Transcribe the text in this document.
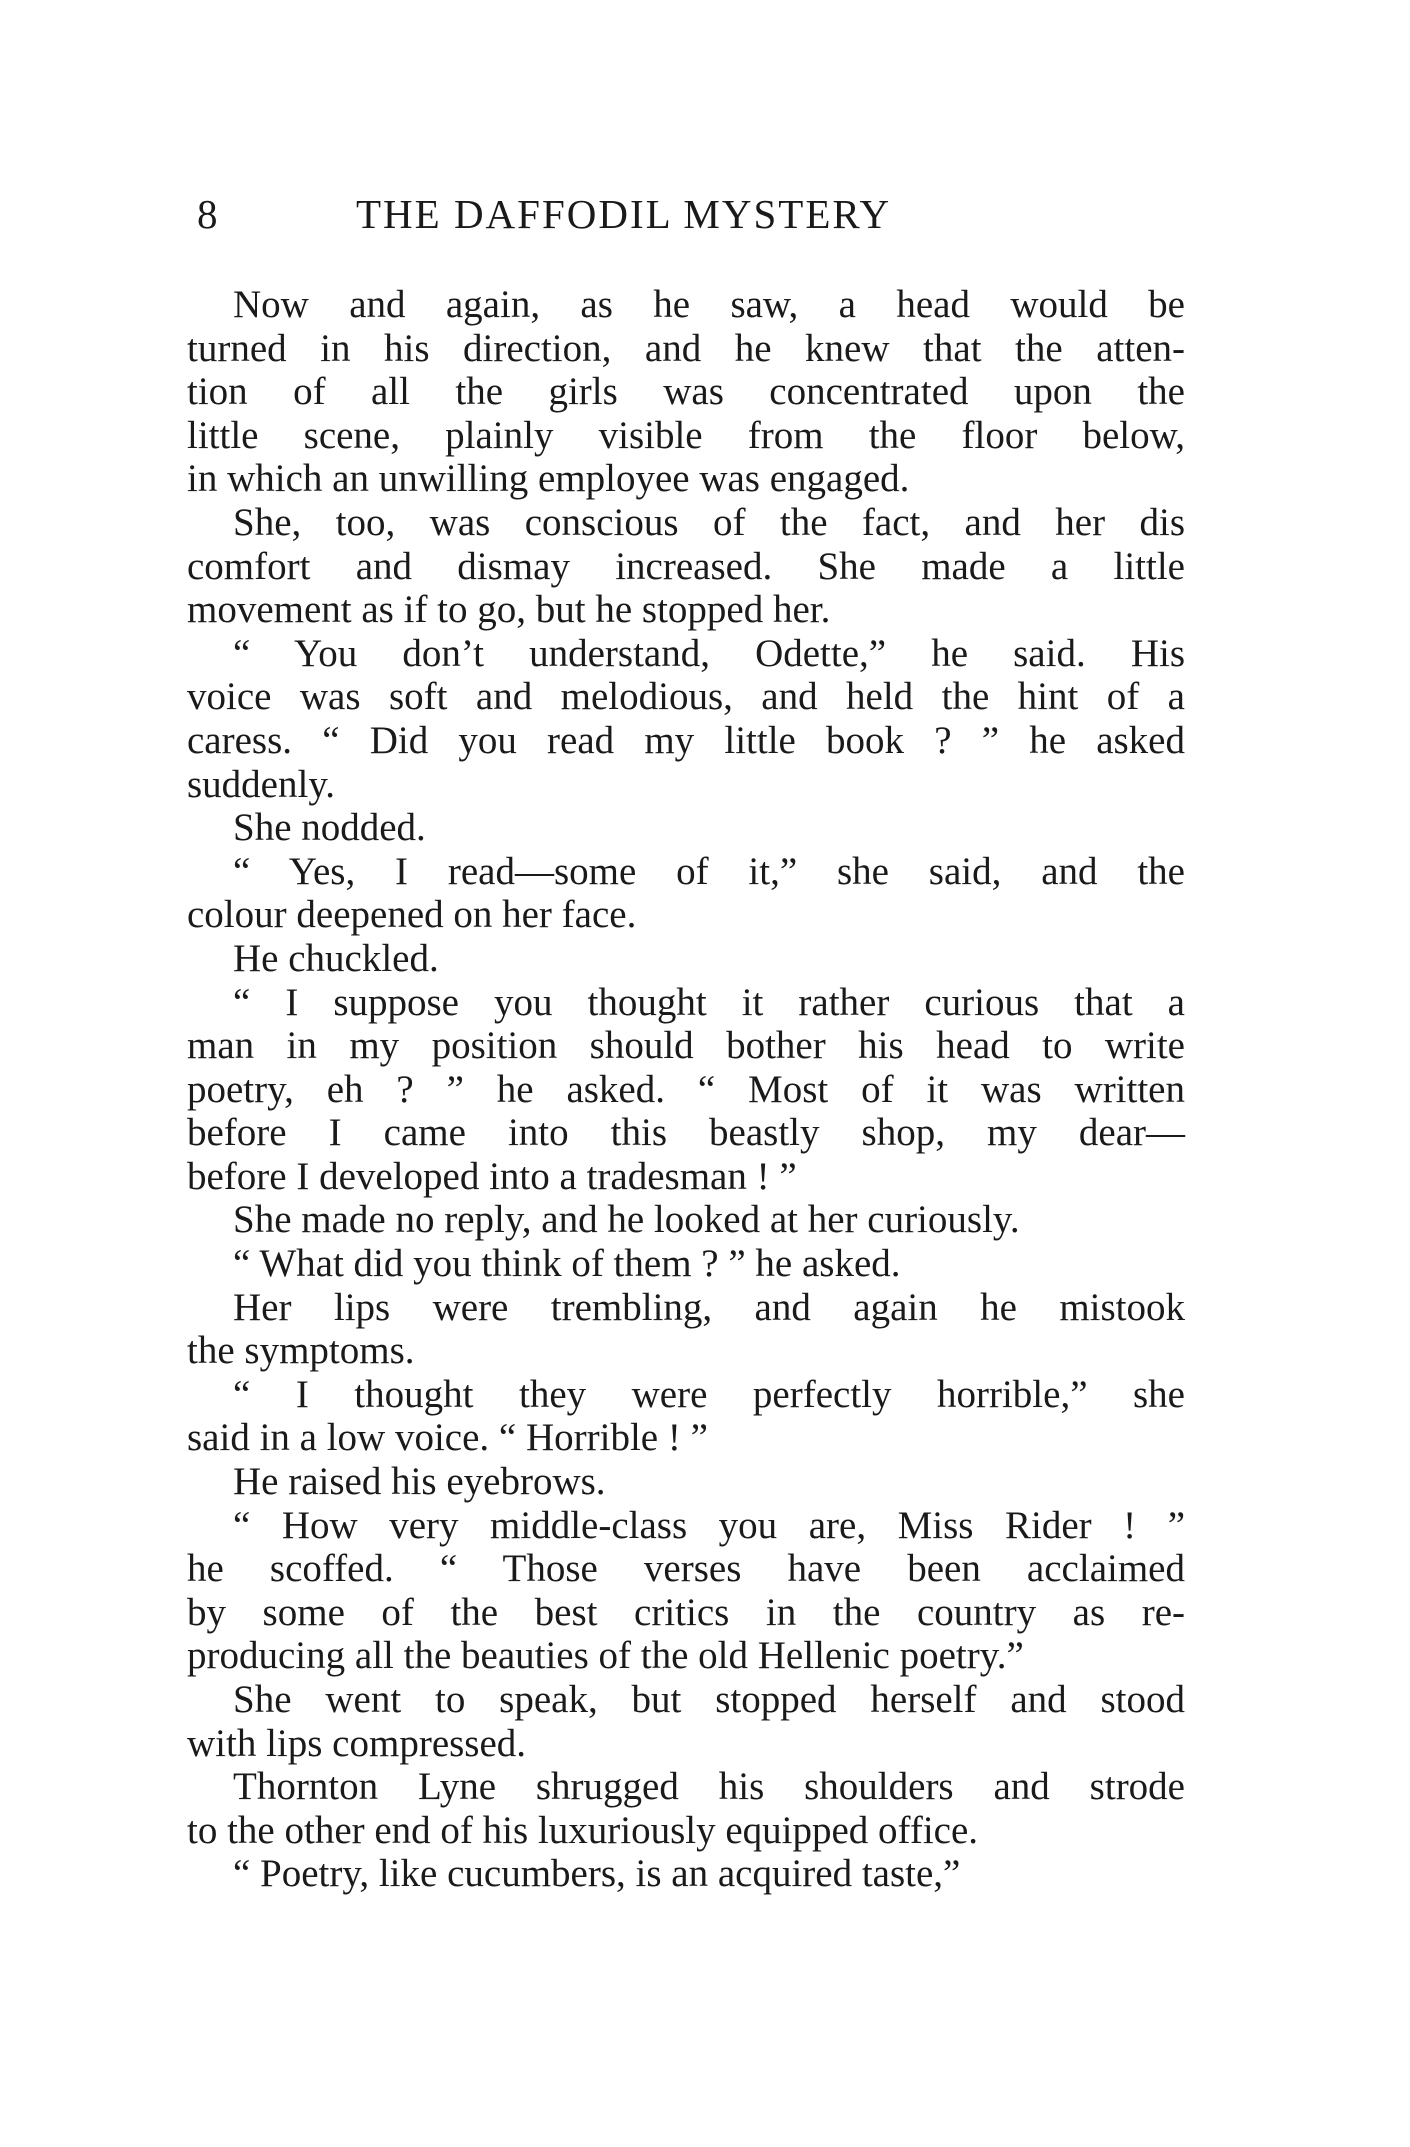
8	THE DAFFODIL MYSTERY
Now and again, as he saw, a head would be
turned in his direction, and he knew that the atten-
tion of all the girls was concentrated upon the
little scene, plainly visible from the floor below,
in which an unwilling employee was engaged.
She, too, was conscious of the fact, and her dis
comfort and dismay increased. She made a little
movement as if to go, but he stopped her.
“ You don’t understand, Odette,” he said. His
voice was soft and melodious, and held the hint of a
caress. “ Did you read my little book ? ” he asked
suddenly.
She nodded.
“ Yes, I read—some of it,” she said, and the
colour deepened on her face.
He chuckled.
“ I suppose you thought it rather curious that a
man in my position should bother his head to write
poetry, eh ? ” he asked. “ Most of it was written
before I came into this beastly shop, my dear—
before I developed into a tradesman ! ”
She made no reply, and he looked at her curiously.
“ What did you think of them ? ” he asked.
Her lips were trembling, and again he mistook
the symptoms.
“ I thought they were perfectly horrible,” she
said in a low voice. “ Horrible ! ”
He raised his eyebrows.
“ How very middle-class you are, Miss Rider ! ”
he scoffed. “ Those verses have been acclaimed
by some of the best critics in the country as re-
producing all the beauties of the old Hellenic poetry.”
She went to speak, but stopped herself and stood
with lips compressed.
Thornton Lyne shrugged his shoulders and strode
to the other end of his luxuriously equipped office.
“ Poetry, like cucumbers, is an acquired taste,”
